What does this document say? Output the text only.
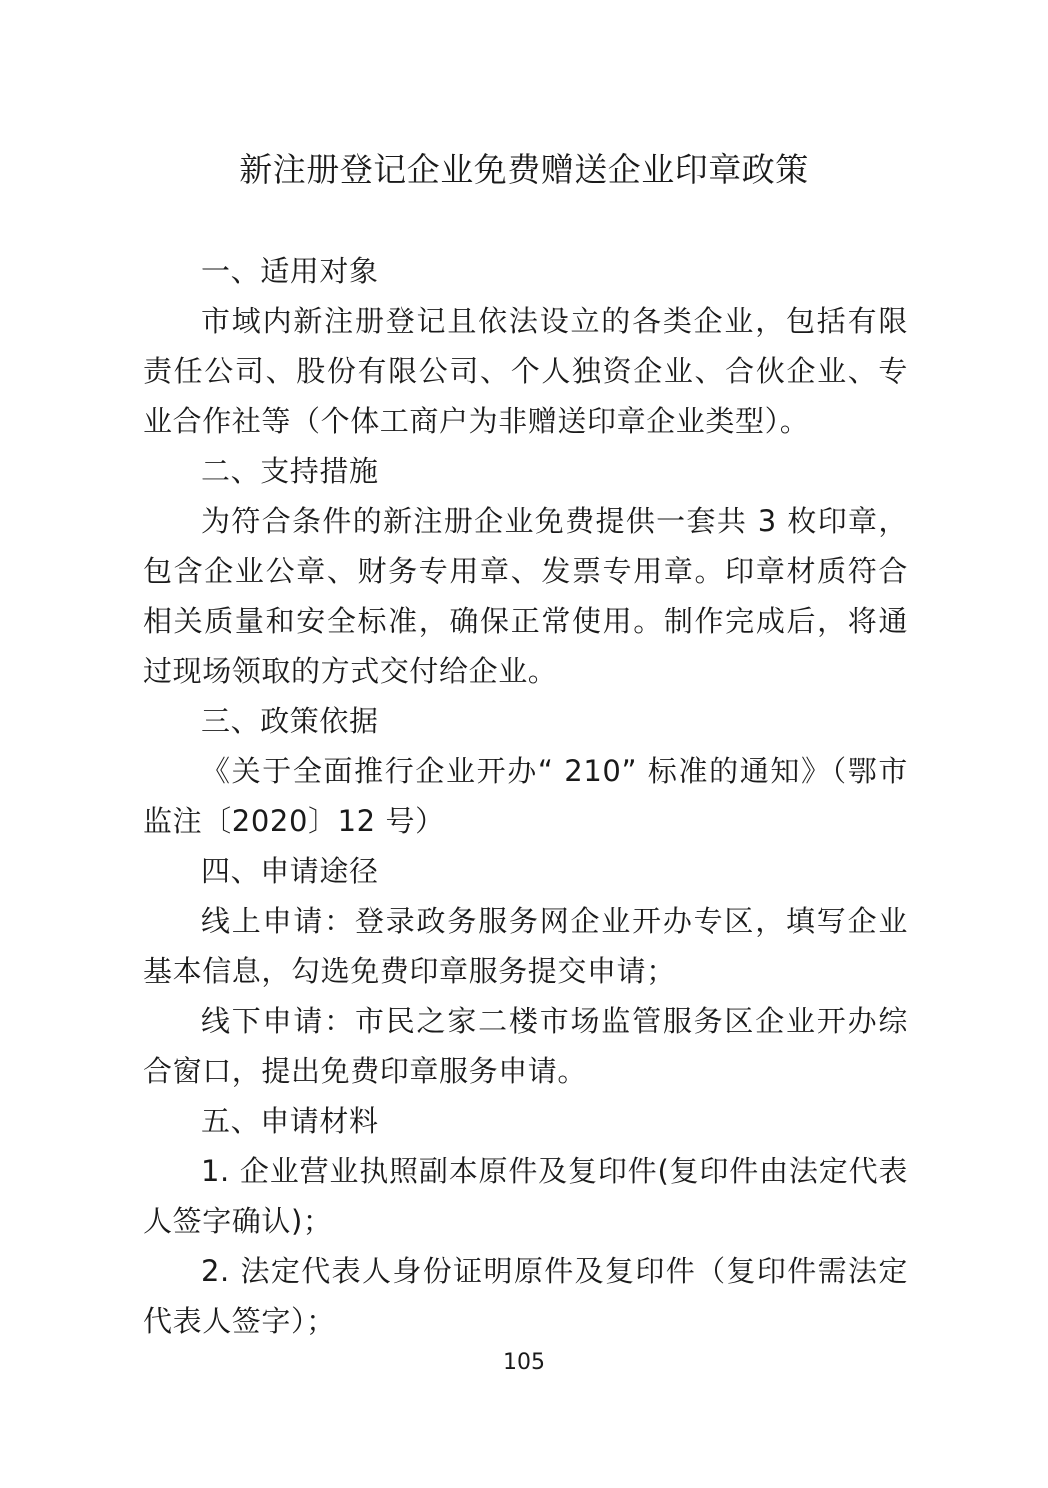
新注册登记企业免费赠送企业印章政策

一、适用对象

市域内新注册登记且依法设立的各类企业，包括有限责任公司、股份有限公司、个人独资企业、合伙企业、专业合作社等（个体工商户为非赠送印章企业类型）。

二、支持措施

为符合条件的新注册企业免费提供一套共 3 枚印章，包含企业公章、财务专用章、发票专用章。印章材质符合相关质量和安全标准，确保正常使用。制作完成后，将通过现场领取的方式交付给企业。

三、政策依据

《关于全面推行企业开办“ 210” 标准的通知》（鄂市监注〔2020〕12 号）

四、申请途径

线上申请：登录政务服务网企业开办专区，填写企业基本信息，勾选免费印章服务提交申请；

线下申请：市民之家二楼市场监管服务区企业开办综合窗口，提出免费印章服务申请。

五、申请材料

1. 企业营业执照副本原件及复印件(复印件由法定代表人签字确认)；

2. 法定代表人身份证明原件及复印件（复印件需法定代表人签字）；

105
